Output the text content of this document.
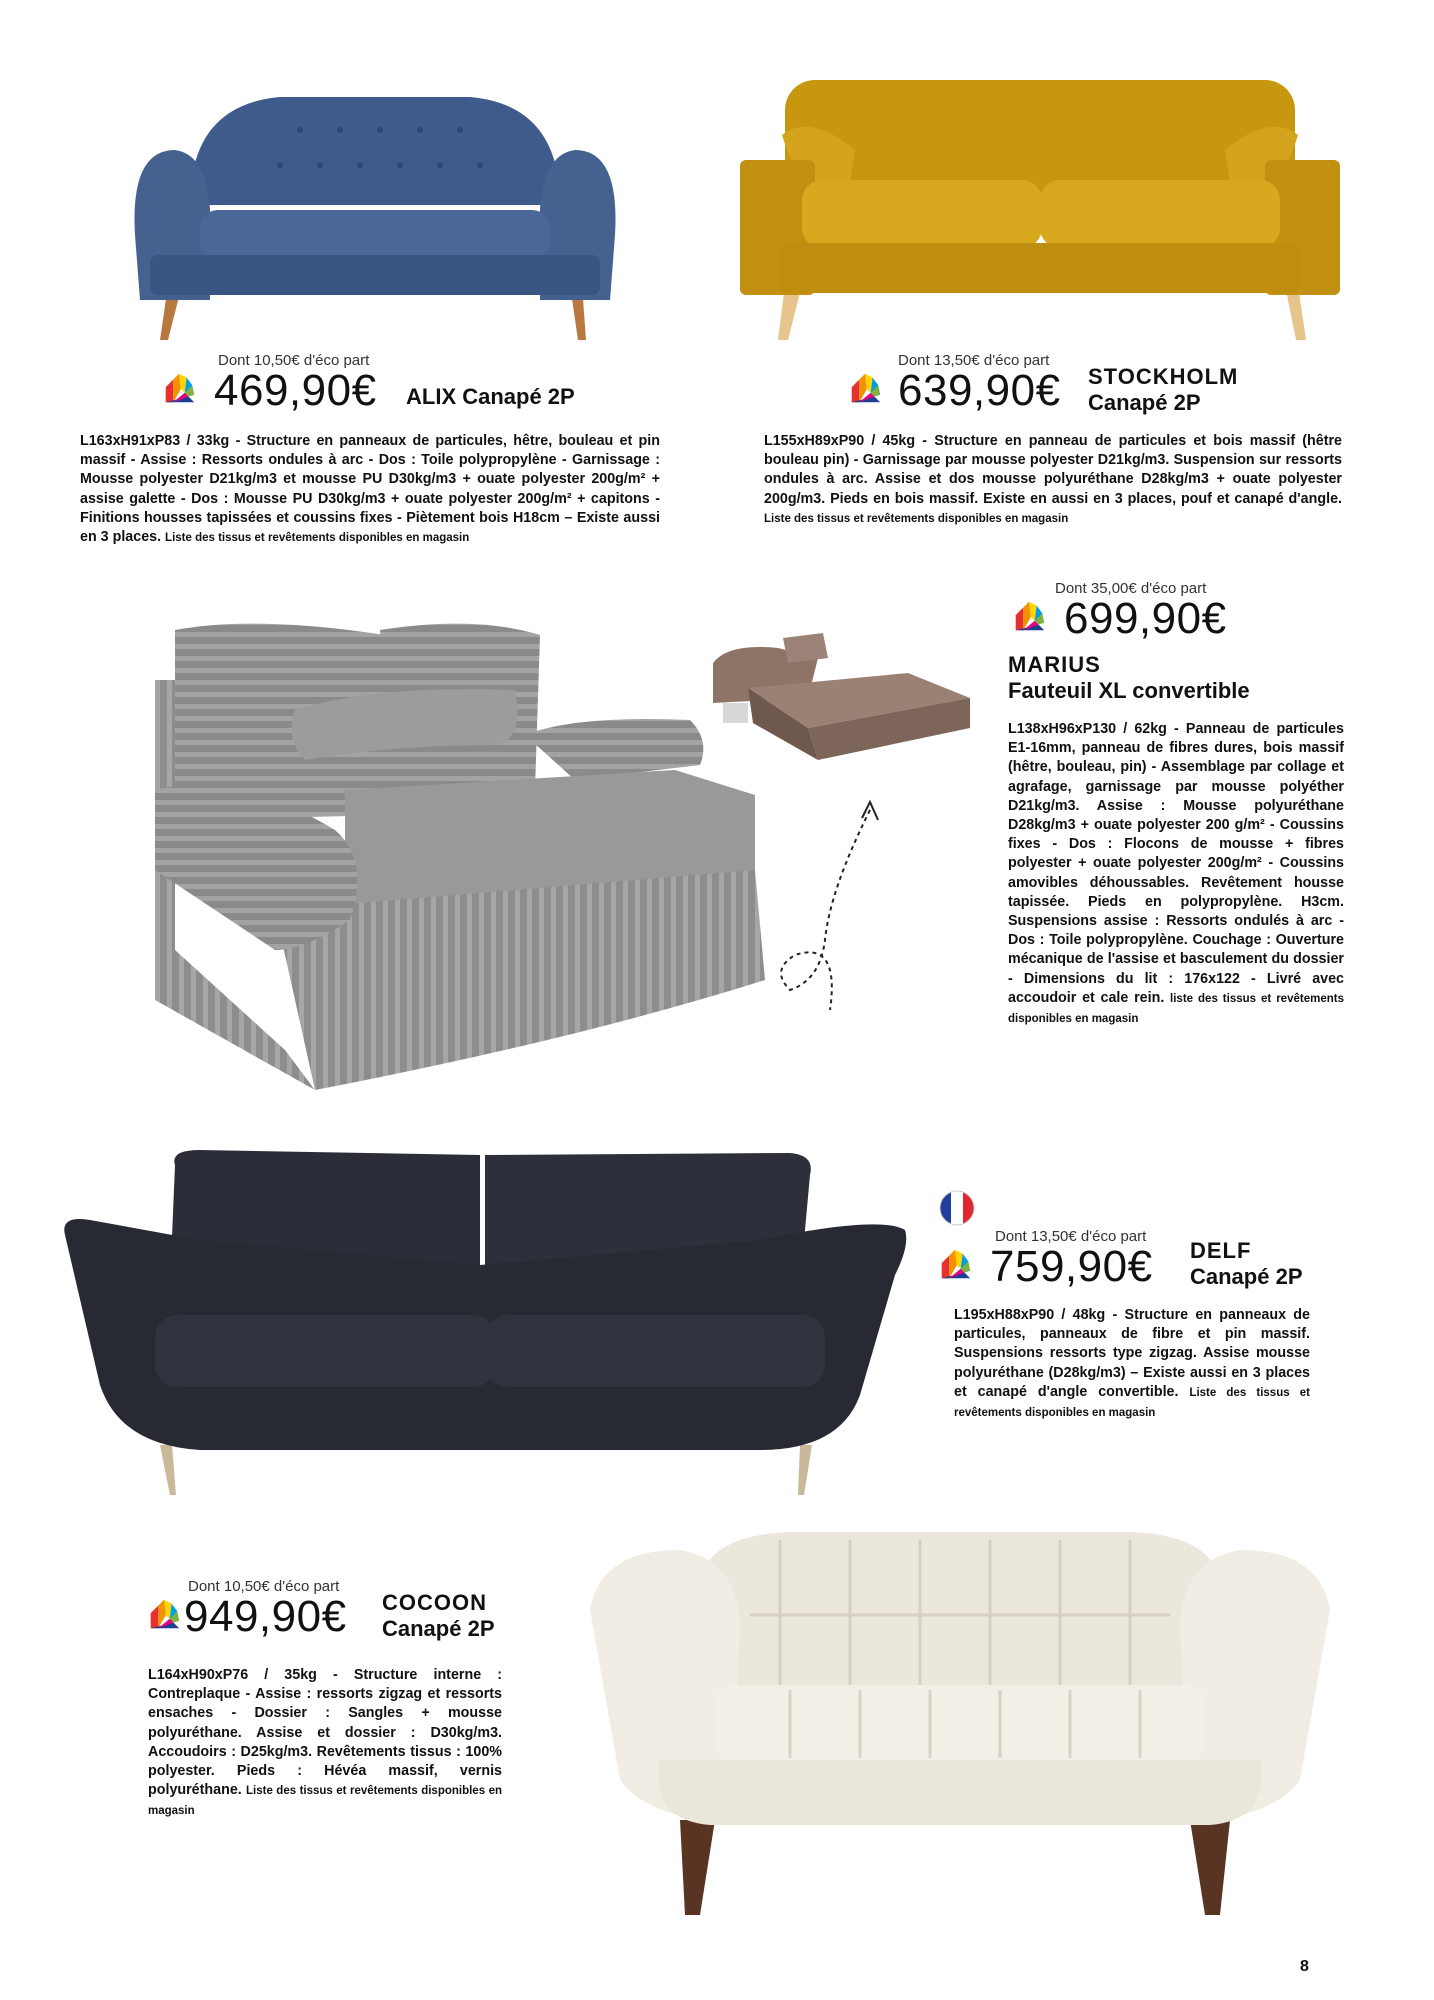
Dont 10,50€ d'éco part
469,90€ ALIX Canapé 2P
L163xH91xP83 / 33kg - Structure en panneaux de particules, hêtre, bouleau et pin massif - Assise : Ressorts ondules à arc - Dos : Toile polypropylène - Garnissage : Mousse polyester D21kg/m3 et mousse PU D30kg/m3 + ouate polyester 200g/m² + assise galette - Dos : Mousse PU D30kg/m3 + ouate polyester 200g/m² + capitons - Finitions housses tapissées et coussins fixes - Piètement bois H18cm – Existe aussi en 3 places. Liste des tissus et revêtements disponibles en magasin
Dont 13,50€ d'éco part
639,90€ STOCKHOLM
Canapé 2P
L155xH89xP90 / 45kg - Structure en panneau de particules et bois massif (hêtre bouleau pin) - Garnissage par mousse polyester D21kg/m3. Suspension sur ressorts ondules à arc. Assise et dos mousse polyuréthane D28kg/m3 + ouate polyester 200g/m3. Pieds en bois massif. Existe en aussi en 3 places, pouf et canapé d'angle. Liste des tissus et revêtements disponibles en magasin
Dont 35,00€ d'éco part
699,90€
MARIUS
Fauteuil XL convertible
L138xH96xP130 / 62kg - Panneau de particules E1-16mm, panneau de fibres dures, bois massif (hêtre, bouleau, pin) - Assemblage par collage et agrafage, garnissage par mousse polyéther D21kg/m3. Assise : Mousse polyuréthane D28kg/m3 + ouate polyester 200 g/m² - Coussins fixes - Dos : Flocons de mousse + fibres polyester + ouate polyester 200g/m² - Coussins amovibles déhoussables. Revêtement housse tapissée. Pieds en polypropylène. H3cm. Suspensions assise : Ressorts ondulés à arc - Dos : Toile polypropylène. Couchage : Ouverture mécanique de l'assise et basculement du dossier - Dimensions du lit : 176x122 - Livré avec accoudoir et cale rein. liste des tissus et revêtements disponibles en magasin
Dont 13,50€ d'éco part
759,90€ DELF
Canapé 2P
L195xH88xP90 / 48kg - Structure en panneaux de particules, panneaux de fibre et pin massif. Suspensions ressorts type zigzag. Assise mousse polyuréthane (D28kg/m3) – Existe aussi en 3 places et canapé d'angle convertible. Liste des tissus et revêtements disponibles en magasin
Dont 10,50€ d'éco part
949,90€ COCOON
Canapé 2P
L164xH90xP76 / 35kg - Structure interne : Contreplaque - Assise : ressorts zigzag et ressorts ensaches - Dossier : Sangles + mousse polyuréthane. Assise et dossier : D30kg/m3. Accoudoirs : D25kg/m3. Revêtements tissus : 100% polyester. Pieds : Hévéa massif, vernis polyuréthane. Liste des tissus et revêtements disponibles en magasin
8
